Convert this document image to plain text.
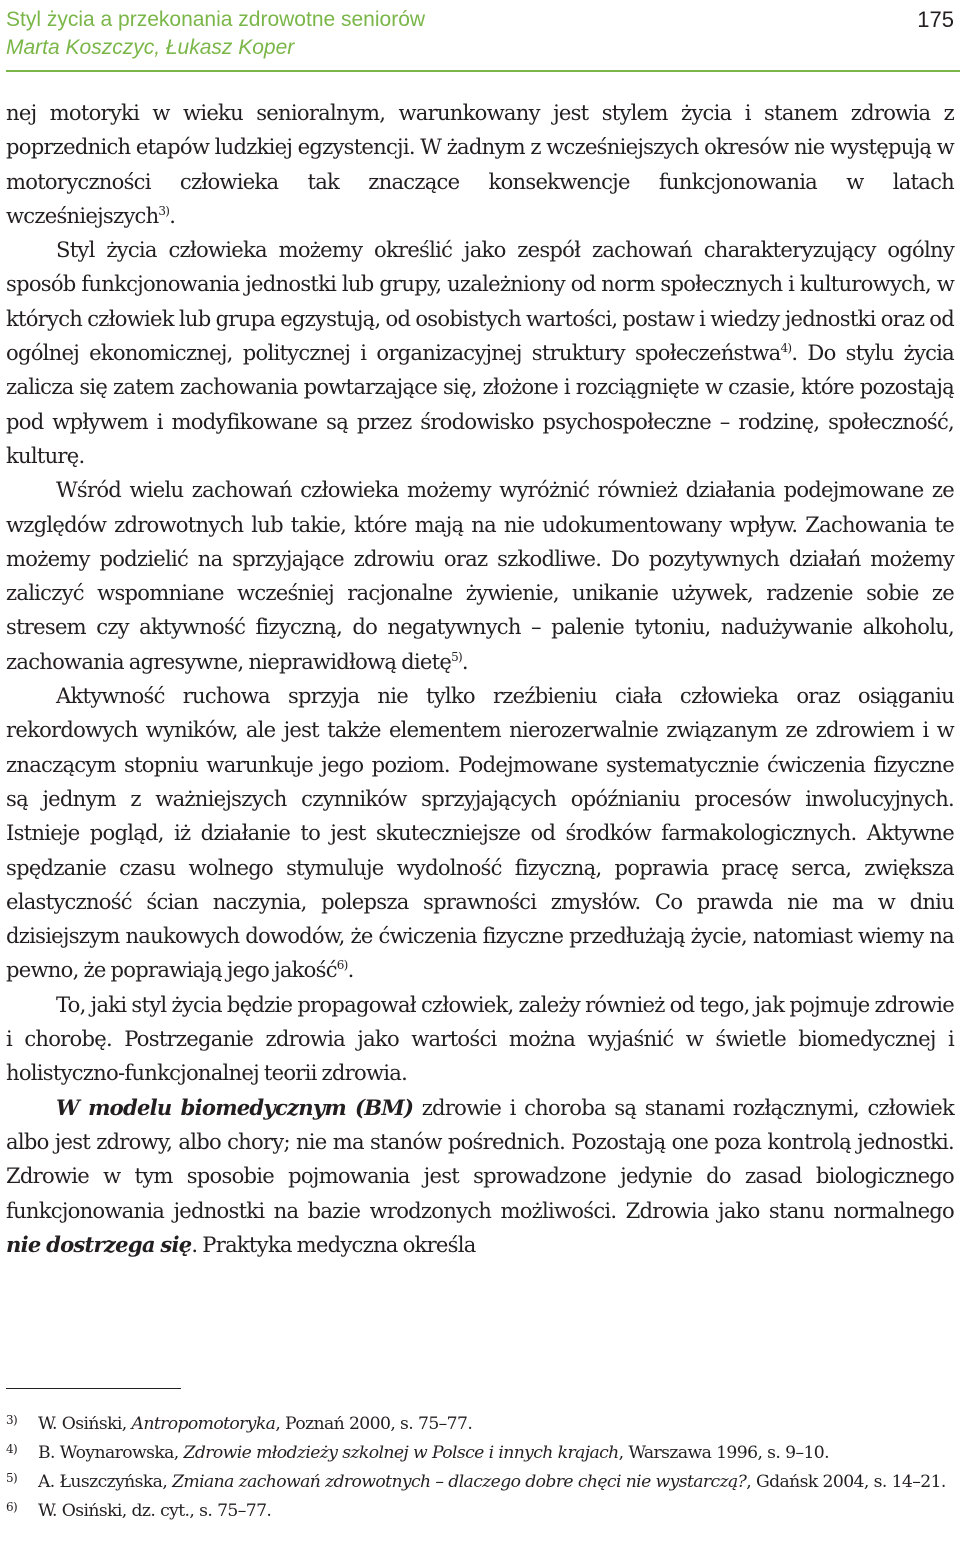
Styl życia a przekonania zdrowotne seniorów
Marta Koszczyc, Łukasz Koper
175

nej motoryki w wieku senioralnym, warunkowany jest stylem życia i stanem zdrowia z poprzednich etapów ludzkiej egzystencji. W żadnym z wcześniejszych okresów nie występują w motoryczności człowieka tak znaczące konsekwencje funkcjonowania w latach wcześniejszych$^{3)}$.

Styl życia człowieka możemy określić jako zespół zachowań charakteryzujący ogólny sposób funkcjonowania jednostki lub grupy, uzależniony od norm społecznych i kulturowych, w których człowiek lub grupa egzystują, od osobistych wartości, postaw i wiedzy jednostki oraz od ogólnej ekonomicznej, politycznej i organizacyjnej struktury społeczeństwa$^{4)}$. Do stylu życia zalicza się zatem zachowania powtarzające się, złożone i rozciągnięte w czasie, które pozostają pod wpływem i modyfikowane są przez środowisko psychospołeczne – rodzinę, społeczność, kulturę.

Wśród wielu zachowań człowieka możemy wyróżnić również działania podejmowane ze względów zdrowotnych lub takie, które mają na nie udokumentowany wpływ. Zachowania te możemy podzielić na sprzyjające zdrowiu oraz szkodliwe. Do pozytywnych działań możemy zaliczyć wspomniane wcześniej racjonalne żywienie, unikanie używek, radzenie sobie ze stresem czy aktywność fizyczną, do negatywnych – palenie tytoniu, nadużywanie alkoholu, zachowania agresywne, nieprawidłową dietę$^{5)}$.

Aktywność ruchowa sprzyja nie tylko rzeźbieniu ciała człowieka oraz osiąganiu rekordowych wyników, ale jest także elementem nierozerwalnie związanym ze zdrowiem i w znaczącym stopniu warunkuje jego poziom. Podejmowane systematycznie ćwiczenia fizyczne są jednym z ważniejszych czynników sprzyjających opóźnianiu procesów inwolucyjnych. Istnieje pogląd, iż działanie to jest skuteczniejsze od środków farmakologicznych. Aktywne spędzanie czasu wolnego stymuluje wydolność fizyczną, poprawia pracę serca, zwiększa elastyczność ścian naczynia, polepsza sprawności zmysłów. Co prawda nie ma w dniu dzisiejszym naukowych dowodów, że ćwiczenia fizyczne przedłużają życie, natomiast wiemy na pewno, że poprawiają jego jakość$^{6)}$.

To, jaki styl życia będzie propagował człowiek, zależy również od tego, jak pojmuje zdrowie i chorobę. Postrzeganie zdrowia jako wartości można wyjaśnić w świetle biomedycznej i holistyczno-funkcjonalnej teorii zdrowia.

W modelu biomedycznym (BM) zdrowie i choroba są stanami rozłącznymi, człowiek albo jest zdrowy, albo chory; nie ma stanów pośrednich. Pozostają one poza kontrolą jednostki. Zdrowie w tym sposobie pojmowania jest sprowadzone jedynie do zasad biologicznego funkcjonowania jednostki na bazie wrodzonych możliwości. Zdrowia jako stanu normalnego nie dostrzega się. Praktyka medyczna określa

3) W. Osiński, Antropomotoryka, Poznań 2000, s. 75–77.
4) B. Woynarowska, Zdrowie młodzieży szkolnej w Polsce i innych krajach, Warszawa 1996, s. 9–10.
5) A. Łuszczyńska, Zmiana zachowań zdrowotnych – dlaczego dobre chęci nie wystarczą?, Gdańsk 2004, s. 14–21.
6) W. Osiński, dz. cyt., s. 75–77.
